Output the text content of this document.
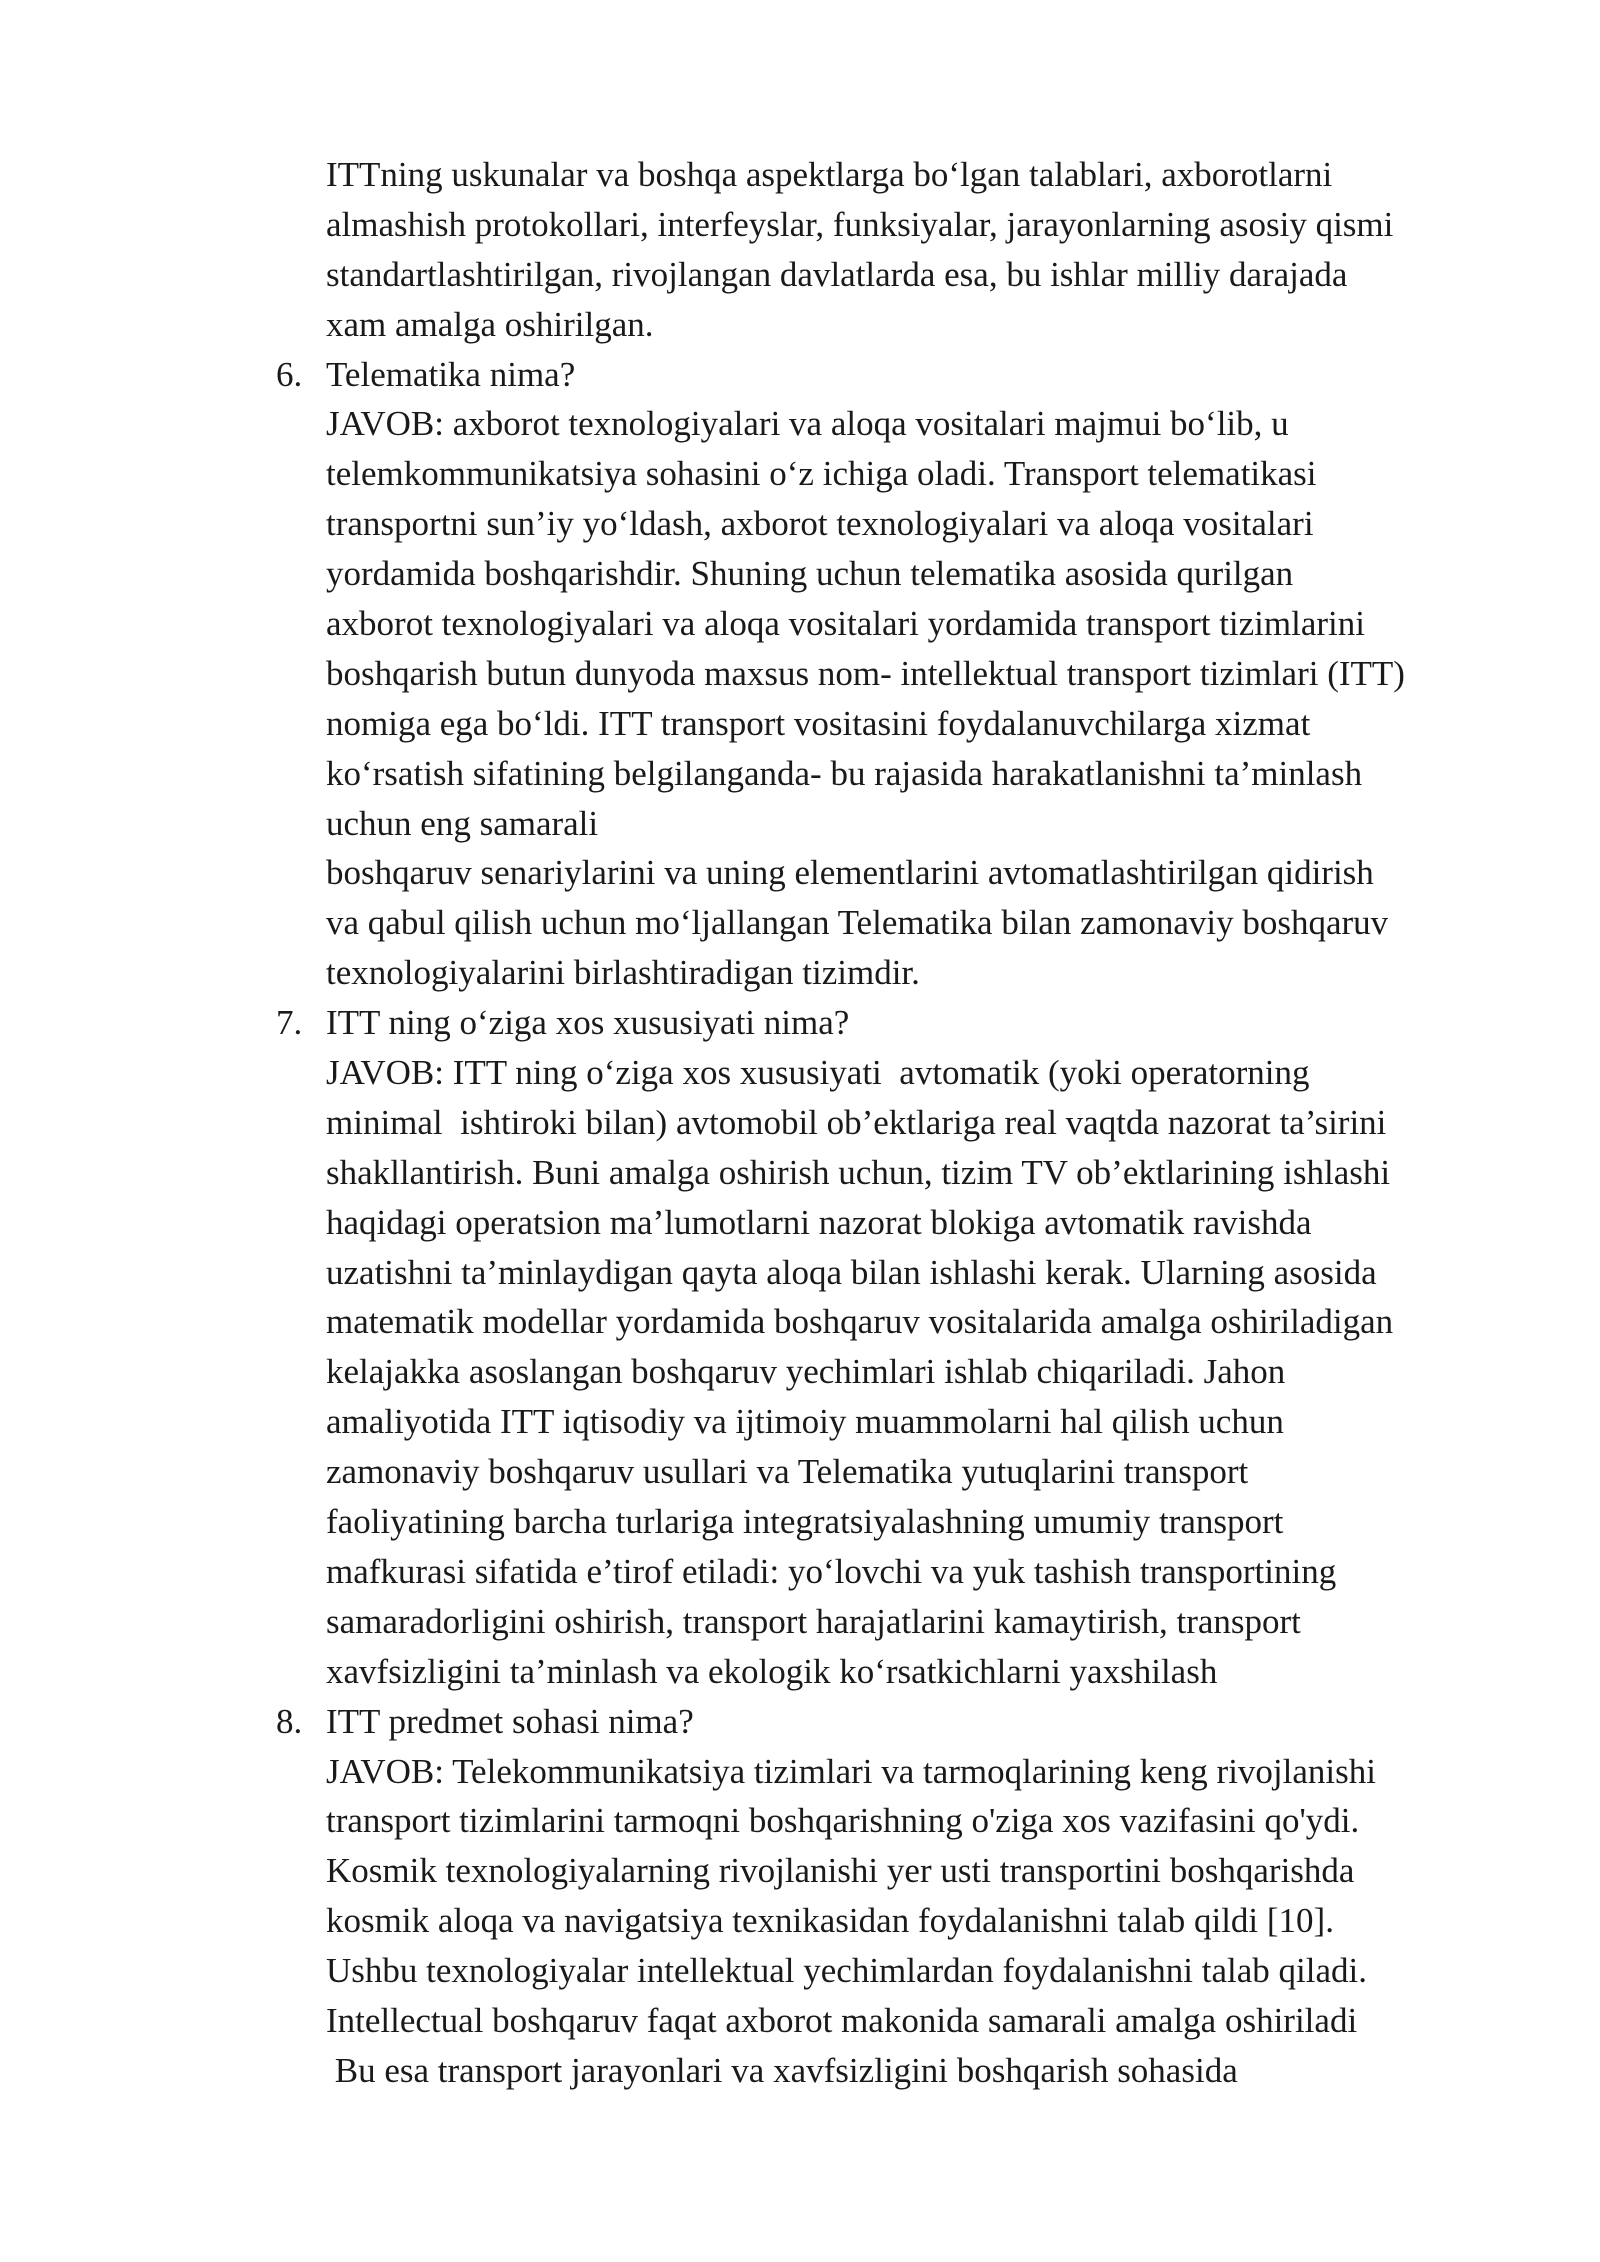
ITTning uskunalar va boshqa aspektlarga bo‘lgan talablari, axborotlarni
almashish protokollari, interfeyslar, funksiyalar, jarayonlarning asosiy qismi
standartlashtirilgan, rivojlangan davlatlarda esa, bu ishlar milliy darajada
xam amalga oshirilgan.
6. Telematika nima?
JAVOB: axborot texnologiyalari va aloqa vositalari majmui bo‘lib, u
telemkommunikatsiya sohasini o‘z ichiga oladi. Transport telematikasi
transportni sun’iy yo‘ldash, axborot texnologiyalari va aloqa vositalari
yordamida boshqarishdir. Shuning uchun telematika asosida qurilgan
axborot texnologiyalari va aloqa vositalari yordamida transport tizimlarini
boshqarish butun dunyoda maxsus nom- intellektual transport tizimlari (ITT)
nomiga ega bo‘ldi. ITT transport vositasini foydalanuvchilarga xizmat
ko‘rsatish sifatining belgilanganda- bu rajasida harakatlanishni ta’minlash
uchun eng samarali
boshqaruv senariylarini va uning elementlarini avtomatlashtirilgan qidirish
va qabul qilish uchun mo‘ljallangan Telematika bilan zamonaviy boshqaruv
texnologiyalarini birlashtiradigan tizimdir.
7. ITT ning o‘ziga xos xususiyati nima?
JAVOB: ITT ning o‘ziga xos xususiyati  avtomatik (yoki operatorning
minimal  ishtiroki bilan) avtomobil ob’ektlariga real vaqtda nazorat ta’sirini
shakllantirish. Buni amalga oshirish uchun, tizim TV ob’ektlarining ishlashi
haqidagi operatsion ma’lumotlarni nazorat blokiga avtomatik ravishda
uzatishni ta’minlaydigan qayta aloqa bilan ishlashi kerak. Ularning asosida
matematik modellar yordamida boshqaruv vositalarida amalga oshiriladigan
kelajakka asoslangan boshqaruv yechimlari ishlab chiqariladi. Jahon
amaliyotida ITT iqtisodiy va ijtimoiy muammolarni hal qilish uchun
zamonaviy boshqaruv usullari va Telematika yutuqlarini transport
faoliyatining barcha turlariga integratsiyalashning umumiy transport
mafkurasi sifatida e’tirof etiladi: yo‘lovchi va yuk tashish transportining
samaradorligini oshirish, transport harajatlarini kamaytirish, transport
xavfsizligini ta’minlash va ekologik ko‘rsatkichlarni yaxshilash
8. ITT predmet sohasi nima?
JAVOB: Telekommunikatsiya tizimlari va tarmoqlarining keng rivojlanishi
transport tizimlarini tarmoqni boshqarishning o'ziga xos vazifasini qo'ydi.
Kosmik texnologiyalarning rivojlanishi yer usti transportini boshqarishda
kosmik aloqa va navigatsiya texnikasidan foydalanishni talab qildi [10].
Ushbu texnologiyalar intellektual yechimlardan foydalanishni talab qiladi.
Intellectual boshqaruv faqat axborot makonida samarali amalga oshiriladi
Bu esa transport jarayonlari va xavfsizligini boshqarish sohasida
